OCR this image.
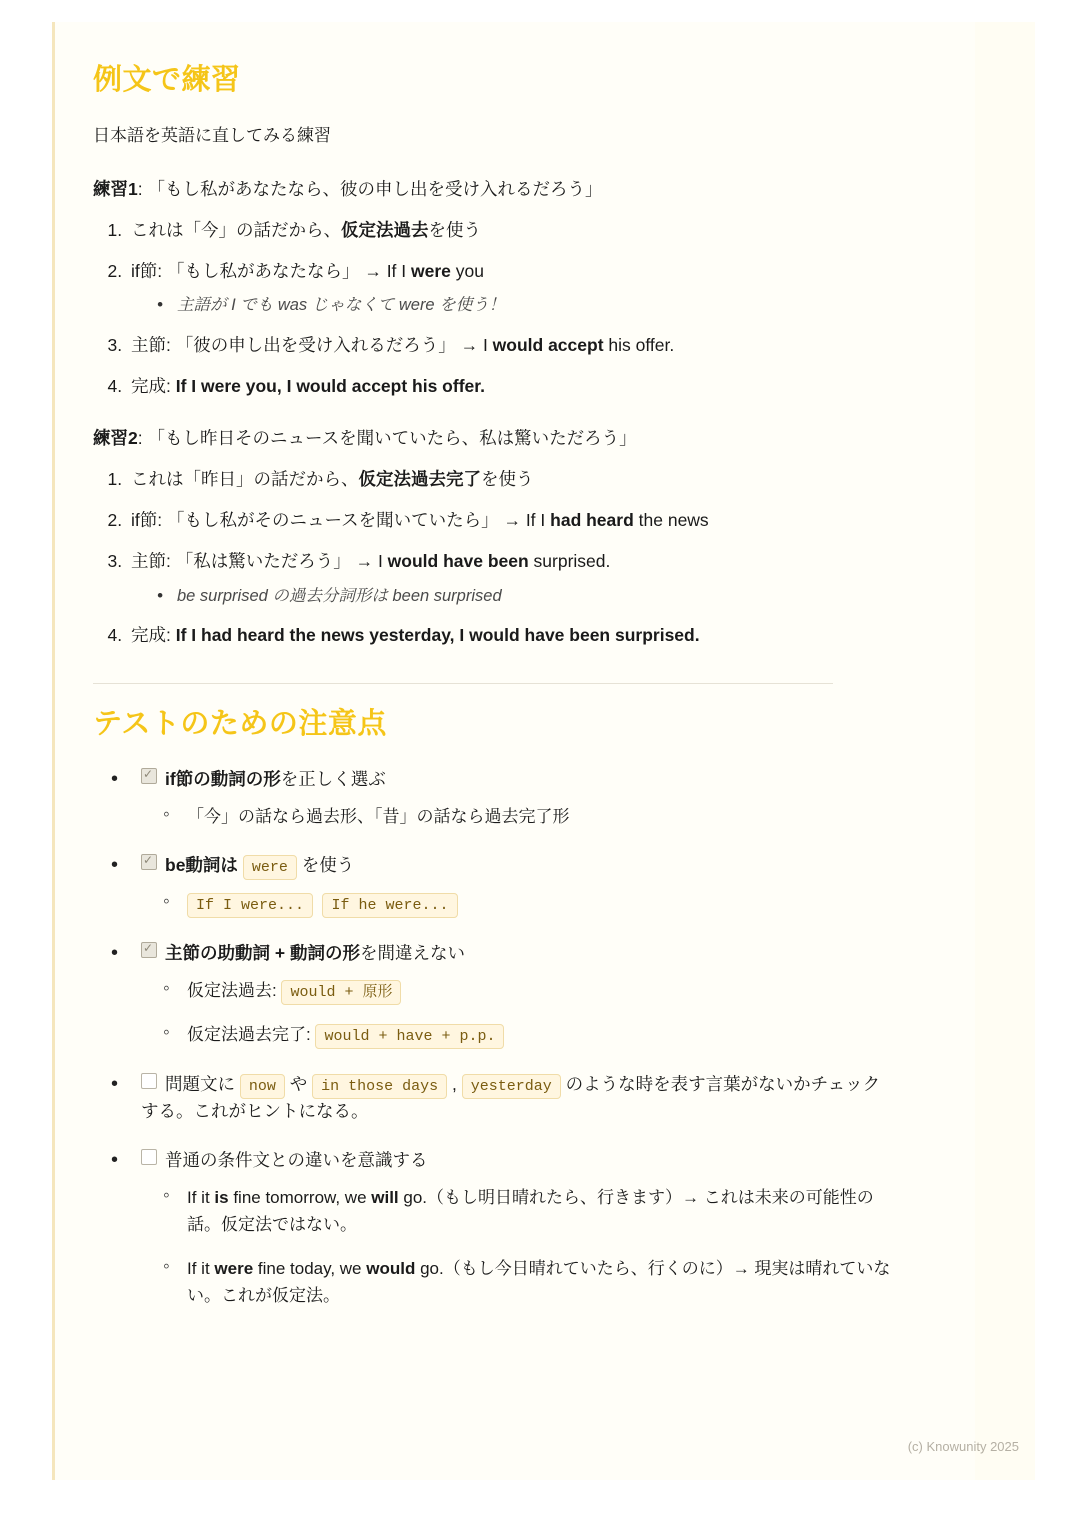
例文で練習

日本語を英語に直してみる練習

練習1: 「もし私があなたなら、彼の申し出を受け入れるだろう」

1. これは「今」の話だから、仮定法過去を使う
2. if節: 「もし私があなたなら」 → If I were you
• 主語が I でも was じゃなくて were を使う！
3. 主節: 「彼の申し出を受け入れるだろう」 → I would accept his offer.
4. 完成: If I were you, I would accept his offer.

練習2: 「もし昨日そのニュースを聞いていたら、私は驚いただろう」

1. これは「昨日」の話だから、仮定法過去完了を使う
2. if節: 「もし私がそのニュースを聞いていたら」 → If I had heard the news
3. 主節: 「私は驚いただろう」 → I would have been surprised.
• be surprised の過去分詞形は been surprised
4. 完成: If I had heard the news yesterday, I would have been surprised.
テストのための注意点
✓• if節の動詞の形を正しく選ぶ
◦ 「今」の話なら過去形、「昔」の話なら過去完了形
✓• be動詞は were を使う
◦ If I were... If he were...
✓• 主節の助動詞 + 動詞の形を間違えない
◦ 仮定法過去: would + 原形
◦ 仮定法過去完了: would + have + p.p.
• 問題文に now や in those days , yesterday のような時を表す言葉がないかチェックする。これがヒントになる。
• 普通の条件文との違いを意識する
◦ If it is fine tomorrow, we will go.（もし明日晴れたら、行きます）→ これは未来の可能性の話。仮定法ではない。
◦ If it were fine today, we would go.（もし今日晴れていたら、行くのに）→ 現実は晴れていない。これが仮定法。
(c) Knowunity 2025
